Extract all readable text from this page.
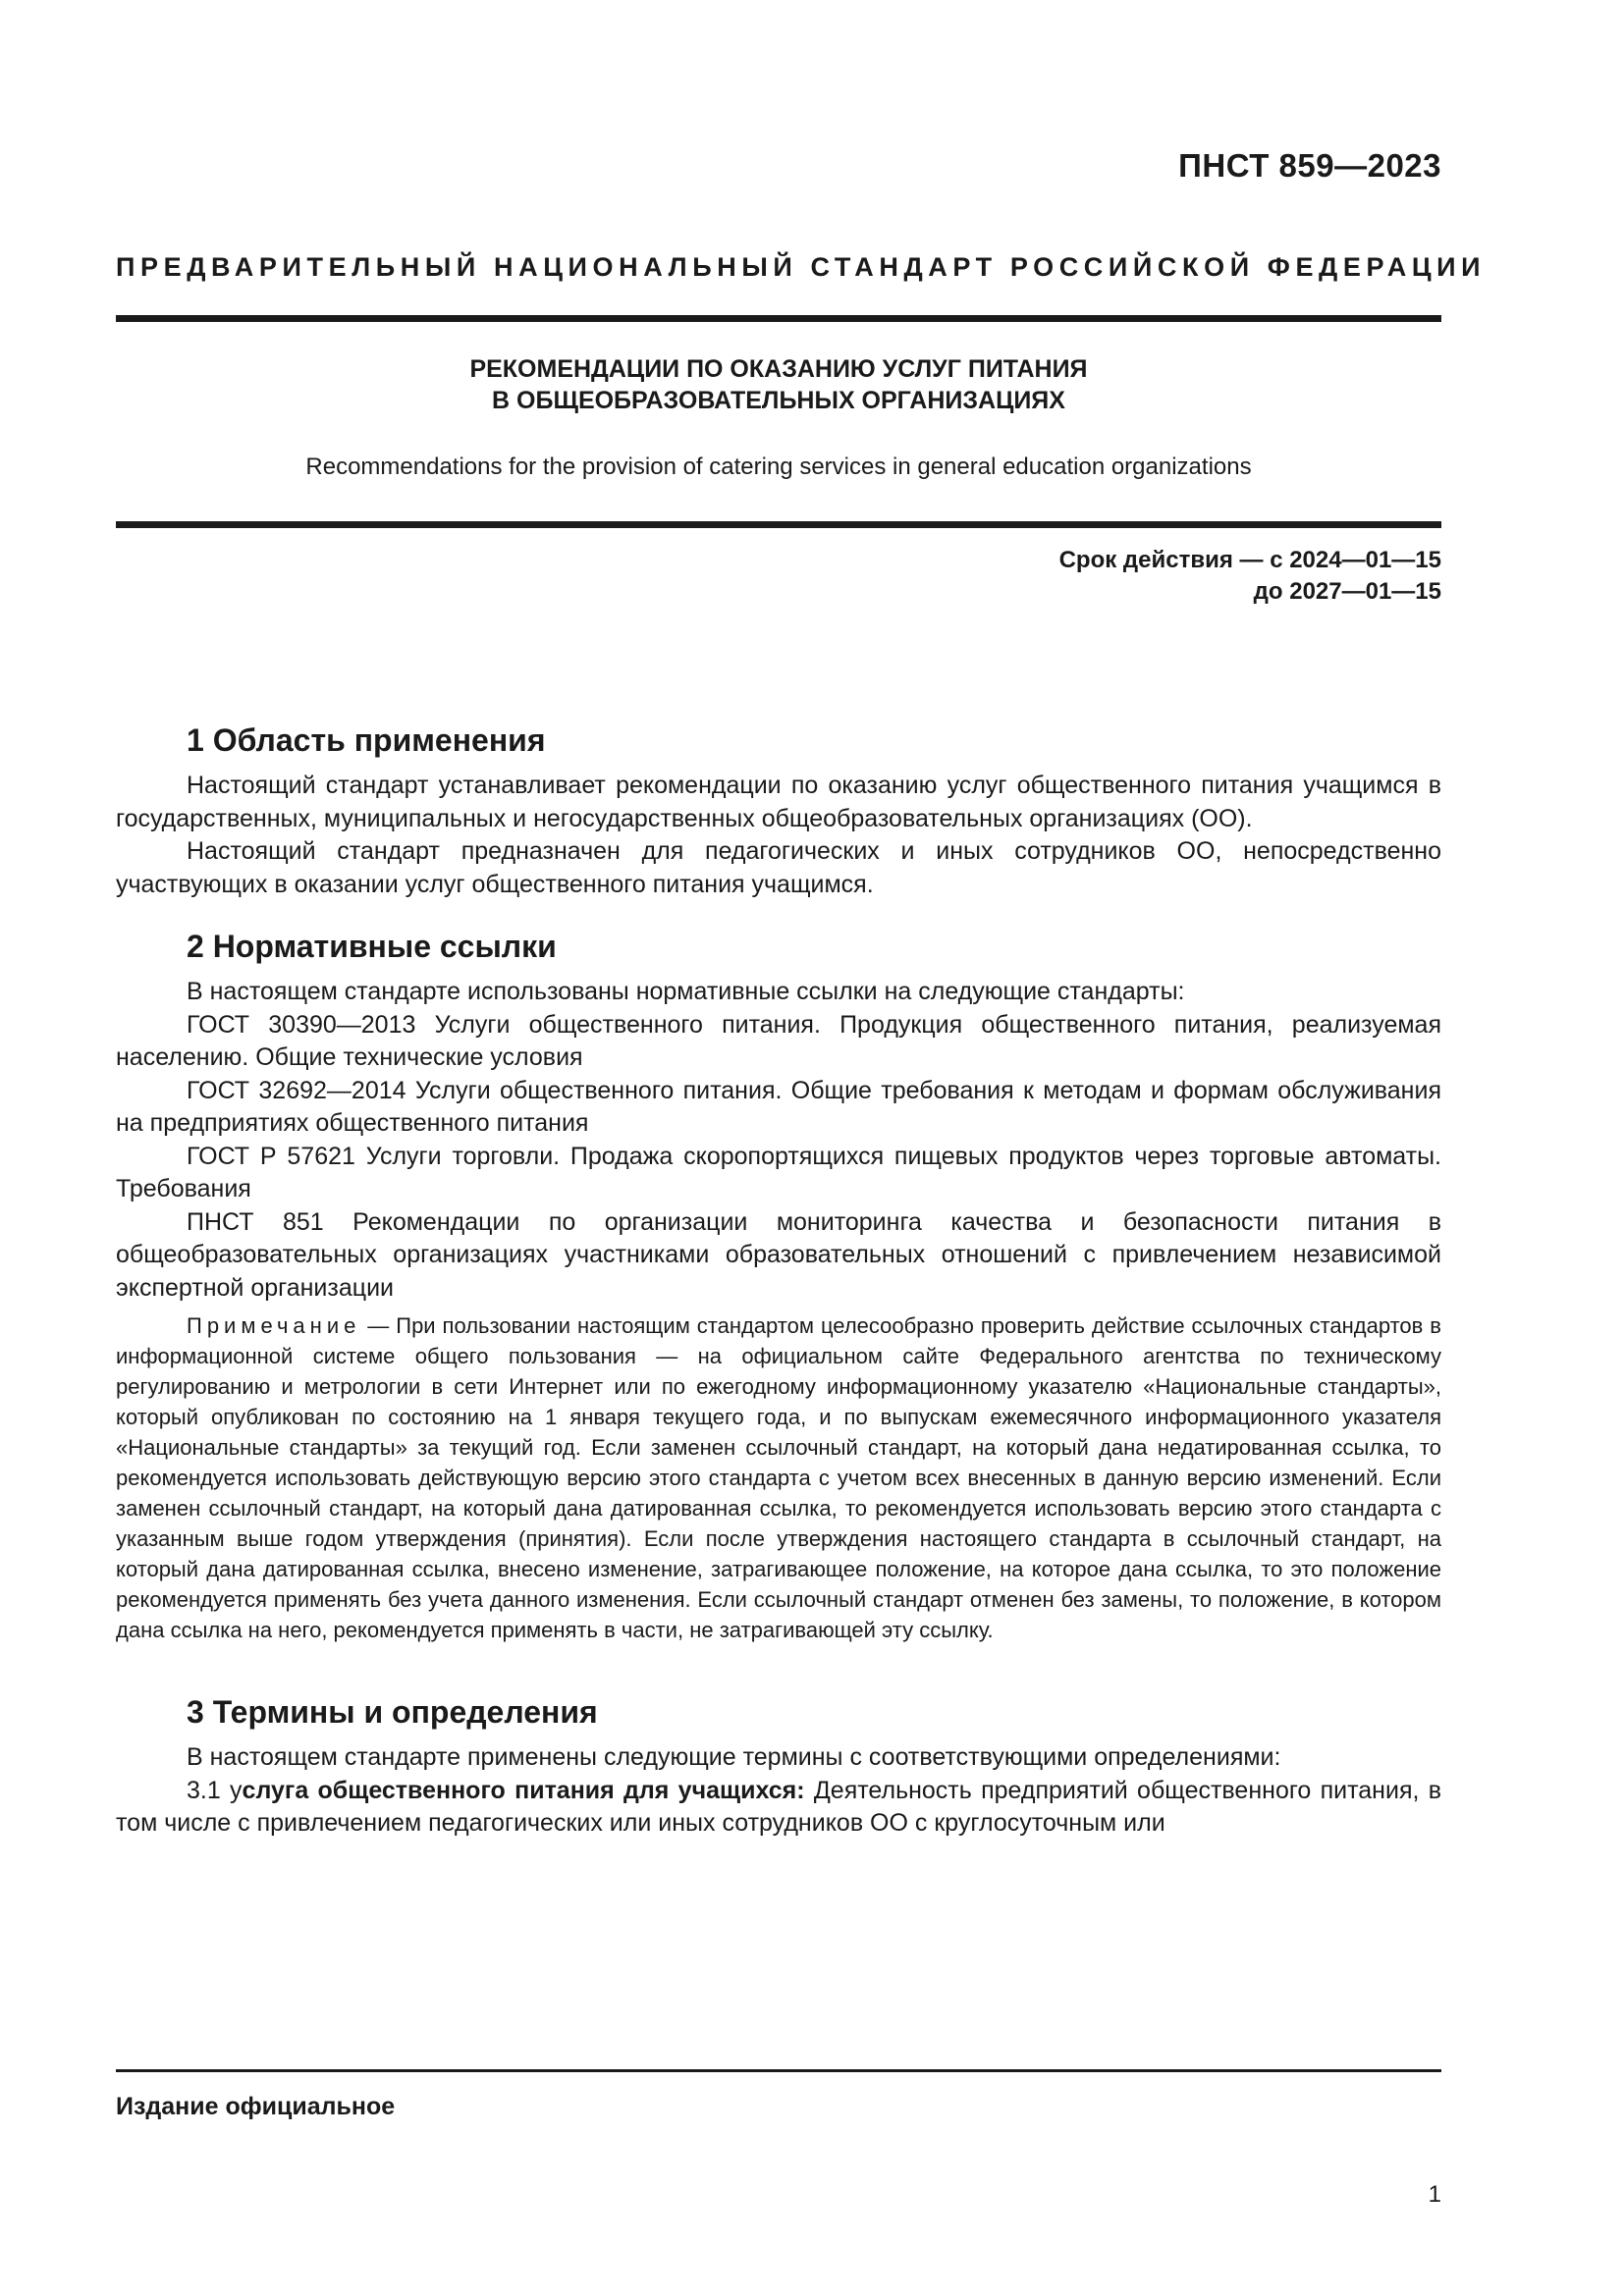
ПНСТ 859—2023
ПРЕДВАРИТЕЛЬНЫЙ НАЦИОНАЛЬНЫЙ СТАНДАРТ РОССИЙСКОЙ ФЕДЕРАЦИИ
РЕКОМЕНДАЦИИ ПО ОКАЗАНИЮ УСЛУГ ПИТАНИЯ
В ОБЩЕОБРАЗОВАТЕЛЬНЫХ ОРГАНИЗАЦИЯХ
Recommendations for the provision of catering services in general education organizations
Срок действия — с 2024—01—15
до 2027—01—15
1 Область применения

Настоящий стандарт устанавливает рекомендации по оказанию услуг общественного питания учащимся в государственных, муниципальных и негосударственных общеобразовательных организациях (ОО).

Настоящий стандарт предназначен для педагогических и иных сотрудников ОО, непосредственно участвующих в оказании услуг общественного питания учащимся.

2 Нормативные ссылки

В настоящем стандарте использованы нормативные ссылки на следующие стандарты:

ГОСТ 30390—2013 Услуги общественного питания. Продукция общественного питания, реализуемая населению. Общие технические условия

ГОСТ 32692—2014 Услуги общественного питания. Общие требования к методам и формам обслуживания на предприятиях общественного питания

ГОСТ Р 57621 Услуги торговли. Продажа скоропортящихся пищевых продуктов через торговые автоматы. Требования

ПНСТ 851 Рекомендации по организации мониторинга качества и безопасности питания в общеобразовательных организациях участниками образовательных отношений с привлечением независимой экспертной организации

Примечание — При пользовании настоящим стандартом целесообразно проверить действие ссылочных стандартов в информационной системе общего пользования — на официальном сайте Федерального агентства по техническому регулированию и метрологии в сети Интернет или по ежегодному информационному указателю «Национальные стандарты», который опубликован по состоянию на 1 января текущего года, и по выпускам ежемесячного информационного указателя «Национальные стандарты» за текущий год. Если заменен ссылочный стандарт, на который дана недатированная ссылка, то рекомендуется использовать действующую версию этого стандарта с учетом всех внесенных в данную версию изменений. Если заменен ссылочный стандарт, на который дана датированная ссылка, то рекомендуется использовать версию этого стандарта с указанным выше годом утверждения (принятия). Если после утверждения настоящего стандарта в ссылочный стандарт, на который дана датированная ссылка, внесено изменение, затрагивающее положение, на которое дана ссылка, то это положение рекомендуется применять без учета данного изменения. Если ссылочный стандарт отменен без замены, то положение, в котором дана ссылка на него, рекомендуется применять в части, не затрагивающей эту ссылку.

3 Термины и определения

В настоящем стандарте применены следующие термины с соответствующими определениями:

3.1 услуга общественного питания для учащихся: Деятельность предприятий общественного питания, в том числе с привлечением педагогических или иных сотрудников ОО с круглосуточным или

Издание официальное
1
